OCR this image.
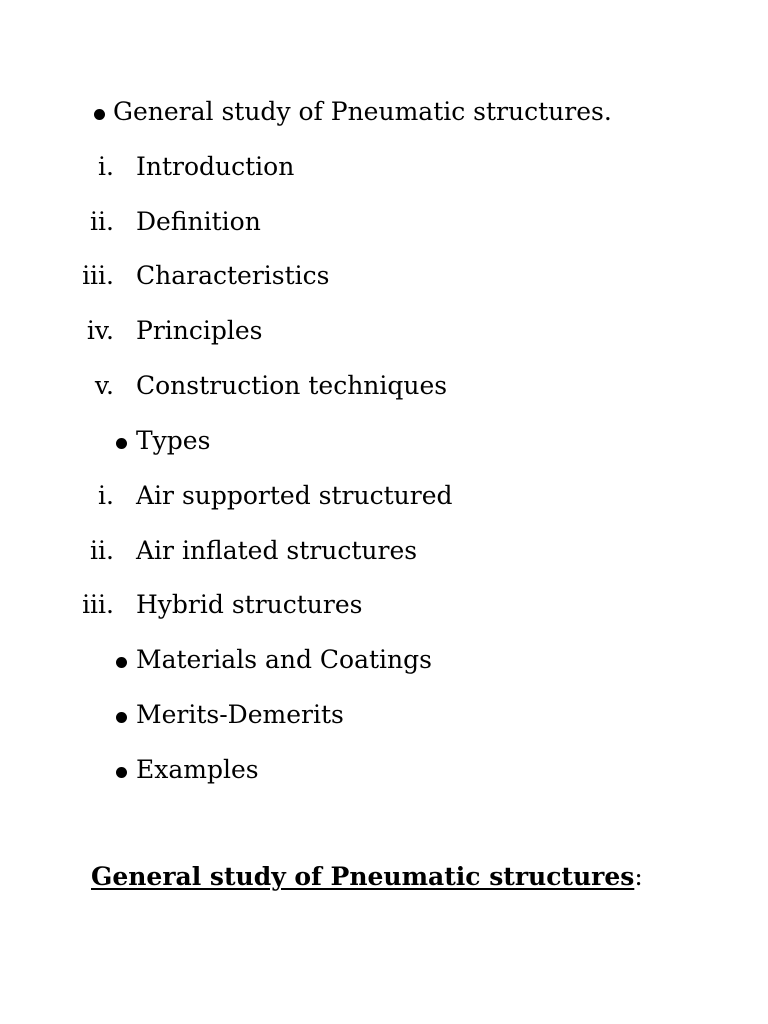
General study of Pneumatic structures.
i. Introduction
ii. Definition
iii. Characteristics
iv. Principles
v. Construction techniques
Types
i. Air supported structured
ii. Air inflated structures
iii. Hybrid structures
Materials and Coatings
Merits-Demerits
Examples
General study of Pneumatic structures:
